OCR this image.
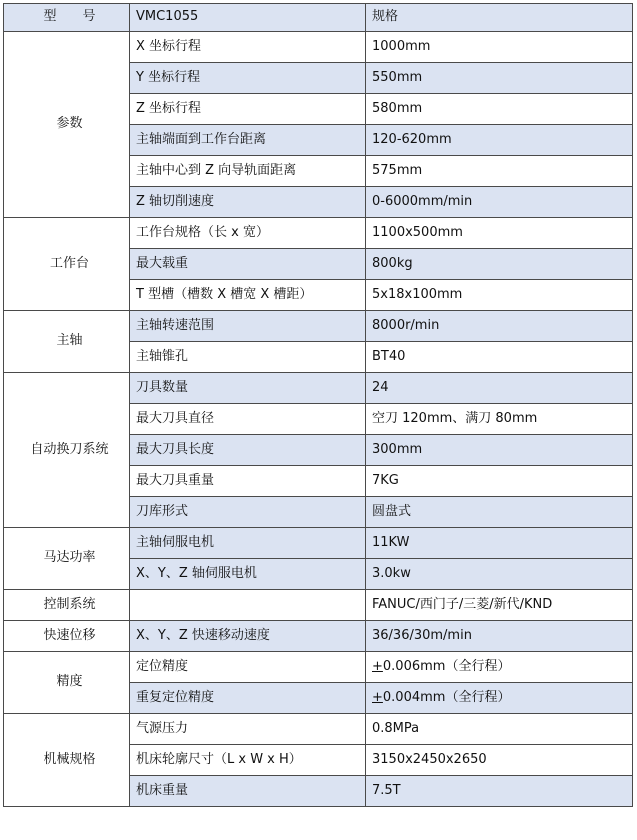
型　　号	VMC1055	规格
参数	X 坐标行程	1000mm
	Y 坐标行程	550mm
	Z 坐标行程	580mm
	主轴端面到工作台距离	120-620mm
	主轴中心到 Z 向导轨面距离	575mm
	Z 轴切削速度	0-6000mm/min
工作台	工作台规格（长 x 宽）	1100x500mm
	最大载重	800kg
	T 型槽（槽数 X 槽宽 X 槽距）	5x18x100mm
主轴	主轴转速范围	8000r/min
	主轴锥孔	BT40
自动换刀系统	刀具数量	24
	最大刀具直径	空刀 120mm、满刀 80mm
	最大刀具长度	300mm
	最大刀具重量	7KG
	刀库形式	圆盘式
马达功率	主轴伺服电机	11KW
	X、Y、Z 轴伺服电机	3.0kw
控制系统		FANUC/西门子/三菱/新代/KND
快速位移	X、Y、Z 快速移动速度	36/36/30m/min
精度	定位精度	+0.006mm（全行程）
	重复定位精度	+0.004mm（全行程）
机械规格	气源压力	0.8MPa
	机床轮廓尺寸（L x W x H）	3150x2450x2650
	机床重量	7.5T
